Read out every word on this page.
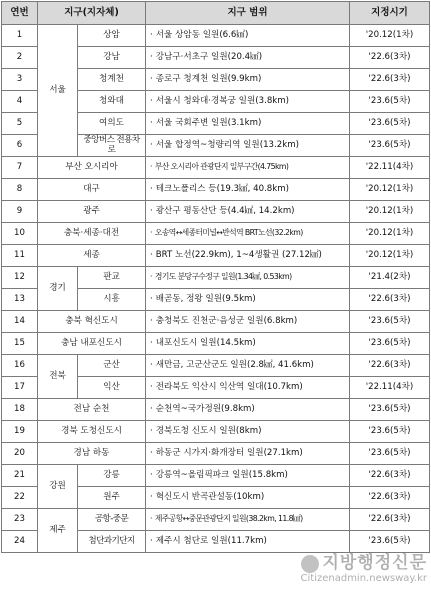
연번	지구(지자체)		지구 범위	지정시기
1	서울	상암	· 서울 상암동 일원(6.6㎢)	'20.12(1차)
2		강남	· 강남구·서초구 일원(20.4㎢)	'22.6(3차)
3		청계천	· 종로구 청계천 일원(9.9km)	'22.6(3차)
4		청와대	· 서울시 청와대·경복궁 일원(3.8km)	'23.6(5차)
5		여의도	· 서울 국회주변 일원(3.1km)	'23.6(5차)
6		중앙버스 전용차로	· 서울 합정역~청량리역 일원(13.2km)	'23.6(5차)
7	부산 오시리아		· 부산 오시리아 관광단지 일부구간(4.75km)	'22.11(4차)
8	대구		· 테크노폴리스 등(19.3㎢, 40.8km)	'20.12(1차)
9	광주		· 광산구 평동산단 등(4.4㎢, 14.2km)	'20.12(1차)
10	충북·세종·대전		· 오송역↔세종터미널↔반석역 BRT노선(32.2km)	'20.12(1차)
11	세종		· BRT 노선(22.9km), 1~4생활권 (27.12㎢)	'20.12(1차)
12	경기	판교	· 경기도 분당구수정구 일원(1.34㎢, 0.53km)	'21.4(2차)
13		시흥	· 배곧동, 정왕 일원(9.5km)	'22.6(3차)
14	충북 혁신도시		· 충청북도 진천군·음성군 일원(6.8km)	'23.6(5차)
15	충남 내포신도시		· 내포신도시 일원(14.5km)	'23.6(5차)
16	전북	군산	· 새만금, 고군산군도 일원(2.8㎢, 41.6km)	'22.6(3차)
17		익산	· 전라북도 익산시 익산역 일대(10.7km)	'22.11(4차)
18	전남 순천		· 순천역~국가정원(9.8km)	'23.6(5차)
19	경북 도청신도시		· 경북도청 신도시 일원(8km)	'23.6(5차)
20	경남 하동		· 하동군 시가지·화개장터 일원(27.1km)	'23.6(5차)
21	강원	강릉	· 강릉역~올림픽파크 일원(15.8km)	'22.6(3차)
22		원주	· 혁신도시 반곡관설동(10km)	'22.6(3차)
23	제주	공항-중문	· 제주공항↔중문관광단지 일원(38.2km, 11.8㎢)	'22.6(3차)
24		첨단과기단지	· 제주시 첨단로 일원(11.7km)	'23.6(5차)
지방행정신문
Citizenadmin.newsway.kr
